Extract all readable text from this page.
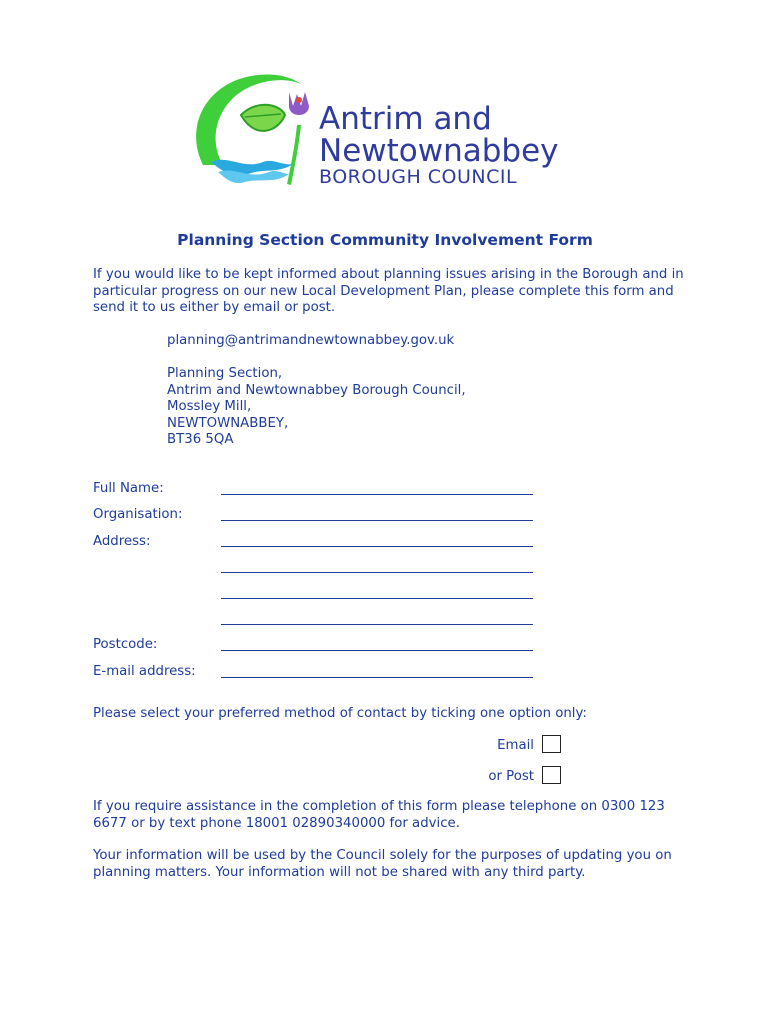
Antrim and
Newtownabbey
BOROUGH COUNCIL
Planning Section Community Involvement Form
If you would like to be kept informed about planning issues arising in the Borough and in particular progress on our new Local Development Plan, please complete this form and send it to us either by email or post.
planning@antrimandnewtownabbey.gov.uk
Planning Section,
Antrim and Newtownabbey Borough Council,
Mossley Mill,
NEWTOWNABBEY,
BT36 5QA
Full Name:
Organisation:
Address:
Postcode:
E-mail address:
Please select your preferred method of contact by ticking one option only:
Email
or Post
If you require assistance in the completion of this form please telephone on 0300 123 6677 or by text phone 18001 02890340000 for advice.
Your information will be used by the Council solely for the purposes of updating you on planning matters. Your information will not be shared with any third party.
